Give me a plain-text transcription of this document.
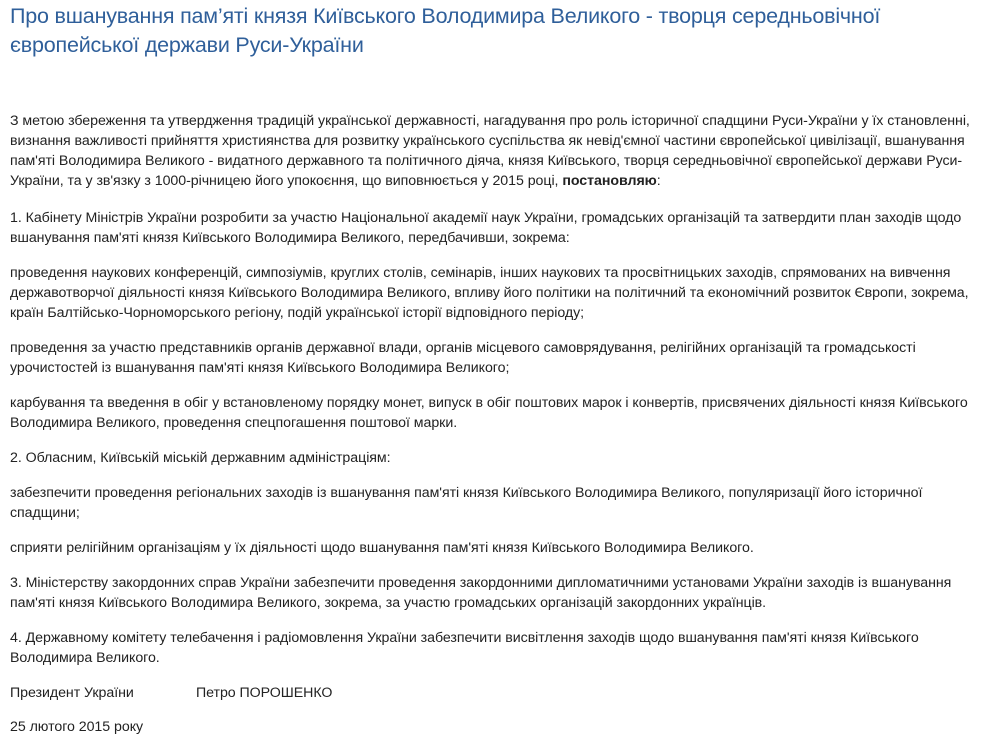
Про вшанування пам’яті князя Київського Володимира Великого - творця середньовічної європейської держави Руси-України

З метою збереження та утвердження традицій української державності, нагадування про роль історичної спадщини Руси-України у їх становленні, визнання важливості прийняття християнства для розвитку українського суспільства як невід'ємної частини європейської цивілізації, вшанування пам'яті Володимира Великого - видатного державного та політичного діяча, князя Київського, творця середньовічної європейської держави Руси-України, та у зв'язку з 1000-річницею його упокоєння, що виповнюється у 2015 році, постановляю:

1. Кабінету Міністрів України розробити за участю Національної академії наук України, громадських організацій та затвердити план заходів щодо вшанування пам'яті князя Київського Володимира Великого, передбачивши, зокрема:

проведення наукових конференцій, симпозіумів, круглих столів, семінарів, інших наукових та просвітницьких заходів, спрямованих на вивчення державотворчої діяльності князя Київського Володимира Великого, впливу його політики на політичний та економічний розвиток Європи, зокрема, країн Балтійсько-Чорноморського регіону, подій української історії відповідного періоду;

проведення за участю представників органів державної влади, органів місцевого самоврядування, релігійних організацій та громадськості урочистостей із вшанування пам'яті князя Київського Володимира Великого;

карбування та введення в обіг у встановленому порядку монет, випуск в обіг поштових марок і конвертів, присвячених діяльності князя Київського Володимира Великого, проведення спецпогашення поштової марки.

2. Обласним, Київській міській державним адміністраціям:

забезпечити проведення регіональних заходів із вшанування пам'яті князя Київського Володимира Великого, популяризації його історичної спадщини;

сприяти релігійним організаціям у їх діяльності щодо вшанування пам'яті князя Київського Володимира Великого.

3. Міністерству закордонних справ України забезпечити проведення закордонними дипломатичними установами України заходів із вшанування пам'яті князя Київського Володимира Великого, зокрема, за участю громадських організацій закордонних українців.

4. Державному комітету телебачення і радіомовлення України забезпечити висвітлення заходів щодо вшанування пам'яті князя Київського Володимира Великого.

Президент України	Петро ПОРОШЕНКО

25 лютого 2015 року
